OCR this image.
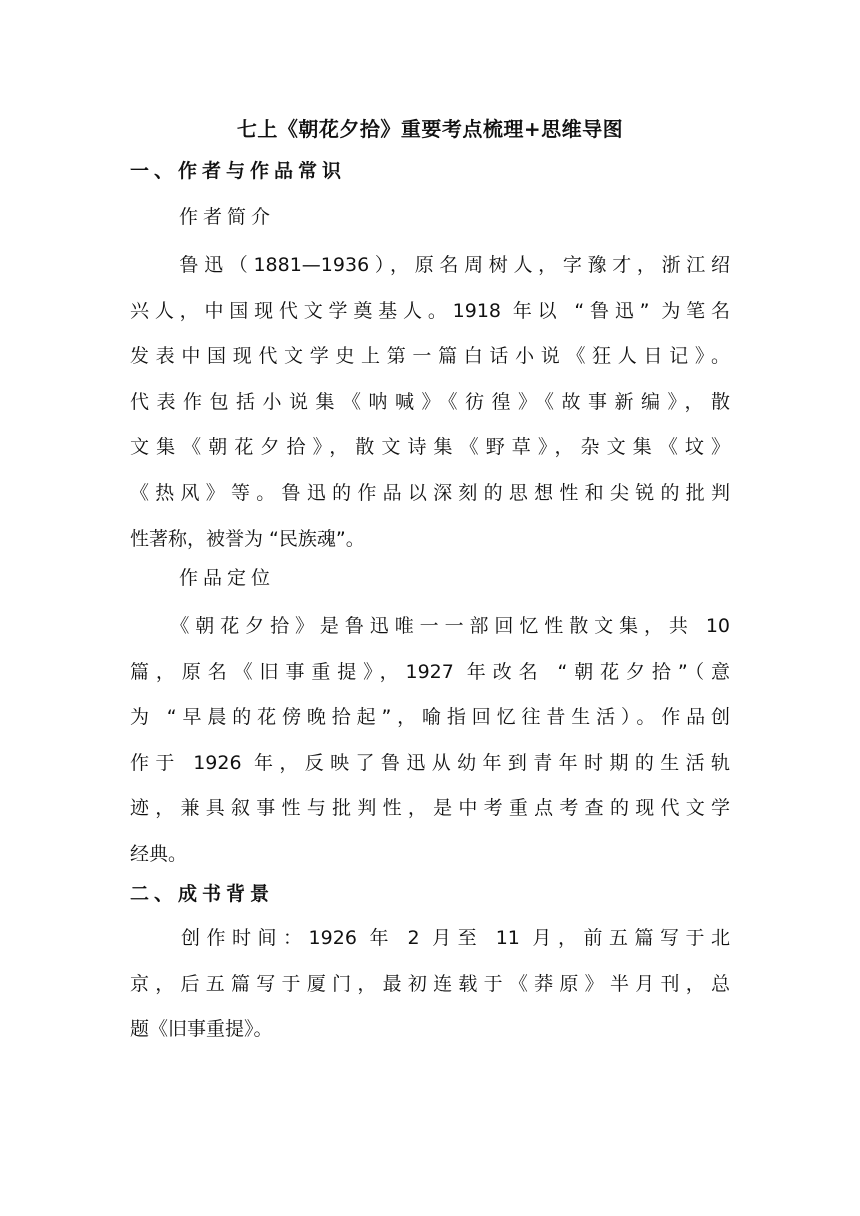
七上《朝花夕拾》重要考点梳理+思维导图
一、作者与作品常识
作者简介
　　鲁迅（1881—1936），原名周树人，字豫才，浙江绍
兴人，中国现代文学奠基人。1918 年以 “鲁迅” 为笔名
发表中国现代文学史上第一篇白话小说《狂人日记》。
代表作包括小说集《呐喊》《彷徨》《故事新编》，散
文集《朝花夕拾》，散文诗集《野草》，杂文集《坟》
《热风》等。鲁迅的作品以深刻的思想性和尖锐的批判
性著称，被誉为 “民族魂”。
作品定位
　　《朝花夕拾》是鲁迅唯一一部回忆性散文集，共 10
篇，原名《旧事重提》，1927 年改名 “朝花夕拾”（意
为 “早晨的花傍晚拾起”，喻指回忆往昔生活）。作品创
作于 1926 年，反映了鲁迅从幼年到青年时期的生活轨
迹，兼具叙事性与批判性，是中考重点考查的现代文学
经典。
二、成书背景
　　创作时间：1926 年 2 月至 11 月，前五篇写于北
京，后五篇写于厦门，最初连载于《莽原》半月刊，总
题《旧事重提》。
